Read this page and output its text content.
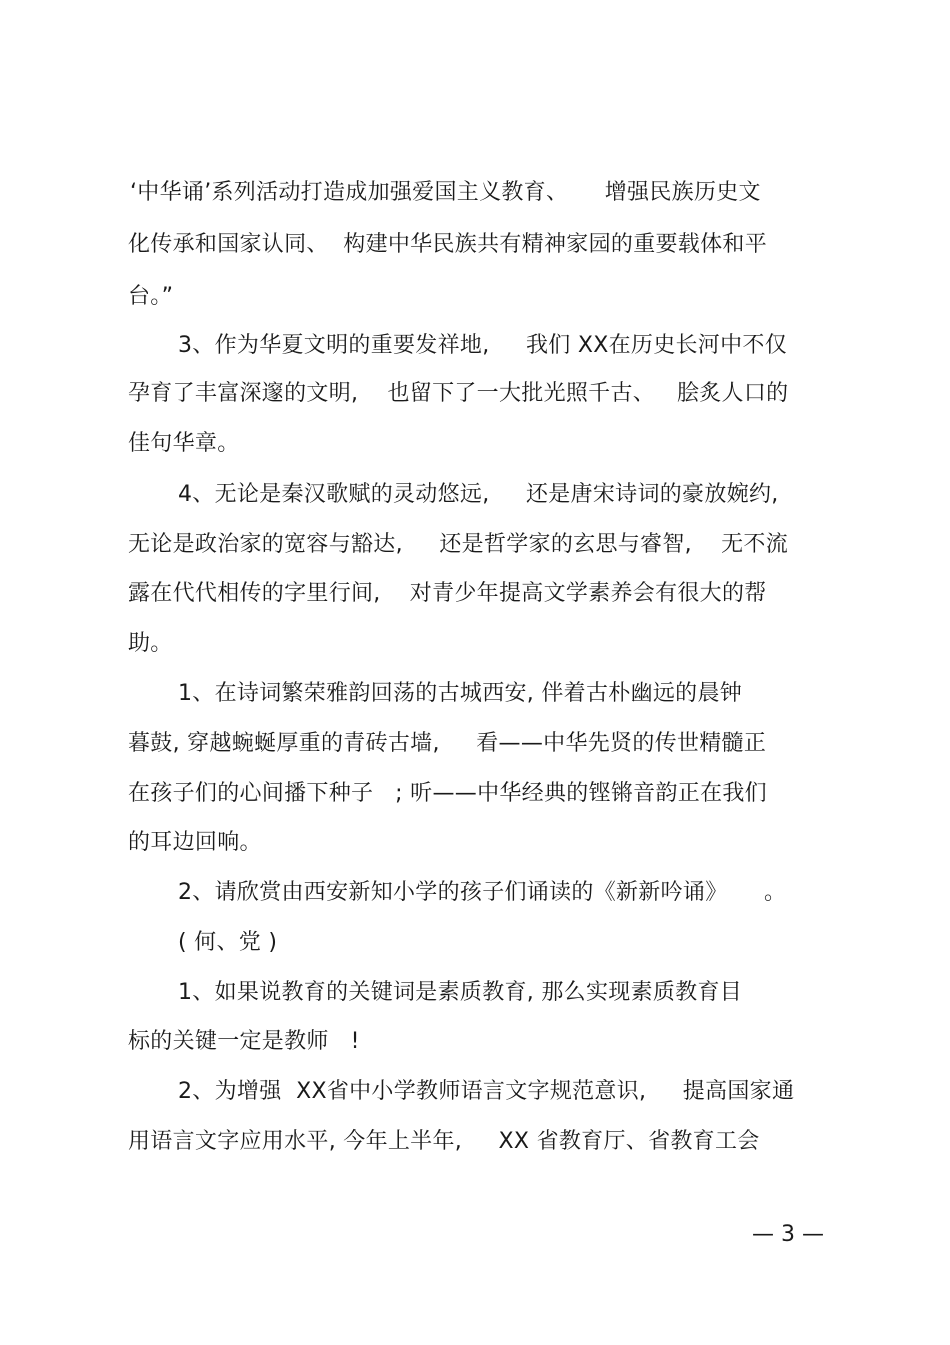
‘中华诵’系列活动打造成加强爱国主义教育、     增强民族历史文
化传承和国家认同、  构建中华民族共有精神家园的重要载体和平
台。”
3、作为华夏文明的重要发祥地,     我们 XX在历史长河中不仅
孕育了丰富深邃的文明,    也留下了一大批光照千古、   脍炙人口的
佳句华章。
4、无论是秦汉歌赋的灵动悠远,     还是唐宋诗词的豪放婉约,
无论是政治家的宽容与豁达,     还是哲学家的玄思与睿智,    无不流
露在代代相传的字里行间,    对青少年提高文学素养会有很大的帮
助。
1、在诗词繁荣雅韵回荡的古城西安, 伴着古朴幽远的晨钟
暮鼓, 穿越蜿蜒厚重的青砖古墙,     看——中华先贤的传世精髓正
在孩子们的心间播下种子   ; 听——中华经典的铿锵音韵正在我们
的耳边回响。
2、请欣赏由西安新知小学的孩子们诵读的《新新吟诵》     。
( 何、党 )
1、如果说教育的关键词是素质教育, 那么实现素质教育目
标的关键一定是教师   !
2、为增强  XX省中小学教师语言文字规范意识,     提高国家通
用语言文字应用水平, 今年上半年,     XX 省教育厅、省教育工会
— 3 —
